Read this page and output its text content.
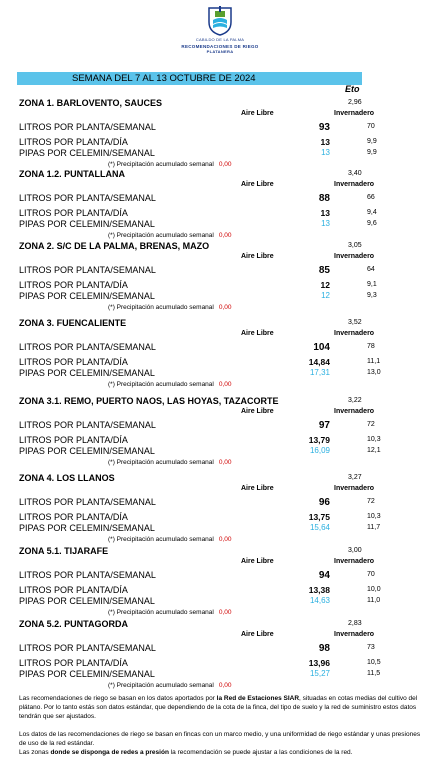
CABILDO DE LA PALMA
RECOMENDACIONES DE RIEGO
PLATANERA
SEMANA DEL 7 AL 13 OCTUBRE DE 2024
Eto
ZONA 1. BARLOVENTO, SAUCES	2,96
Aire Libre	Invernadero
LITROS POR PLANTA/SEMANAL	93	70
LITROS POR PLANTA/DÍA	13	9,9
PIPAS POR CELEMIN/SEMANAL	13	9,9
(*) Precipitación acumulado semanal 0,00
ZONA 1.2. PUNTALLANA	3,40
Aire Libre	Invernadero
LITROS POR PLANTA/SEMANAL	88	66
LITROS POR PLANTA/DÍA	13	9,4
PIPAS POR CELEMIN/SEMANAL	13	9,6
(*) Precipitación acumulado semanal 0,00
ZONA 2. S/C DE LA PALMA, BRENAS, MAZO	3,05
Aire Libre	Invernadero
LITROS POR PLANTA/SEMANAL	85	64
LITROS POR PLANTA/DÍA	12	9,1
PIPAS POR CELEMIN/SEMANAL	12	9,3
(*) Precipitación acumulado semanal 0,00
ZONA 3. FUENCALIENTE	3,52
Aire Libre	Invernadero
LITROS POR PLANTA/SEMANAL	104	78
LITROS POR PLANTA/DÍA	14,84	11,1
PIPAS POR CELEMIN/SEMANAL	17,31	13,0
(*) Precipitación acumulado semanal 0,00
ZONA 3.1. REMO, PUERTO NAOS, LAS HOYAS, TAZACORTE	3,22
Aire Libre	Invernadero
LITROS POR PLANTA/SEMANAL	97	72
LITROS POR PLANTA/DÍA	13,79	10,3
PIPAS POR CELEMIN/SEMANAL	16,09	12,1
(*) Precipitación acumulado semanal 0,00
ZONA 4. LOS LLANOS	3,27
Aire Libre	Invernadero
LITROS POR PLANTA/SEMANAL	96	72
LITROS POR PLANTA/DÍA	13,75	10,3
PIPAS POR CELEMIN/SEMANAL	15,64	11,7
(*) Precipitación acumulado semanal 0,00
ZONA 5.1. TIJARAFE	3,00
Aire Libre	Invernadero
LITROS POR PLANTA/SEMANAL	94	70
LITROS POR PLANTA/DÍA	13,38	10,0
PIPAS POR CELEMIN/SEMANAL	14,63	11,0
(*) Precipitación acumulado semanal 0,00
ZONA 5.2. PUNTAGORDA	2,83
Aire Libre	Invernadero
LITROS POR PLANTA/SEMANAL	98	73
LITROS POR PLANTA/DÍA	13,96	10,5
PIPAS POR CELEMIN/SEMANAL	15,27	11,5
(*) Precipitación acumulado semanal 0,00
Las recomendaciones de riego se basan en los datos aportados por la Red de Estaciones SIAR, situadas en cotas medias del cultivo del plátano. Por lo tanto estás son datos estándar, que dependiendo de la cota de la finca, del tipo de suelo y la red de suministro estos datos tendrán que ser ajustados.
Los datos de las recomendaciones de riego se basan en fincas con un marco medio, y una uniformidad de riego estándar y unas presiones de uso de la red estándar.
Las zonas donde se disponga de redes a presión la recomendación se puede ajustar a las condiciones de la red.
